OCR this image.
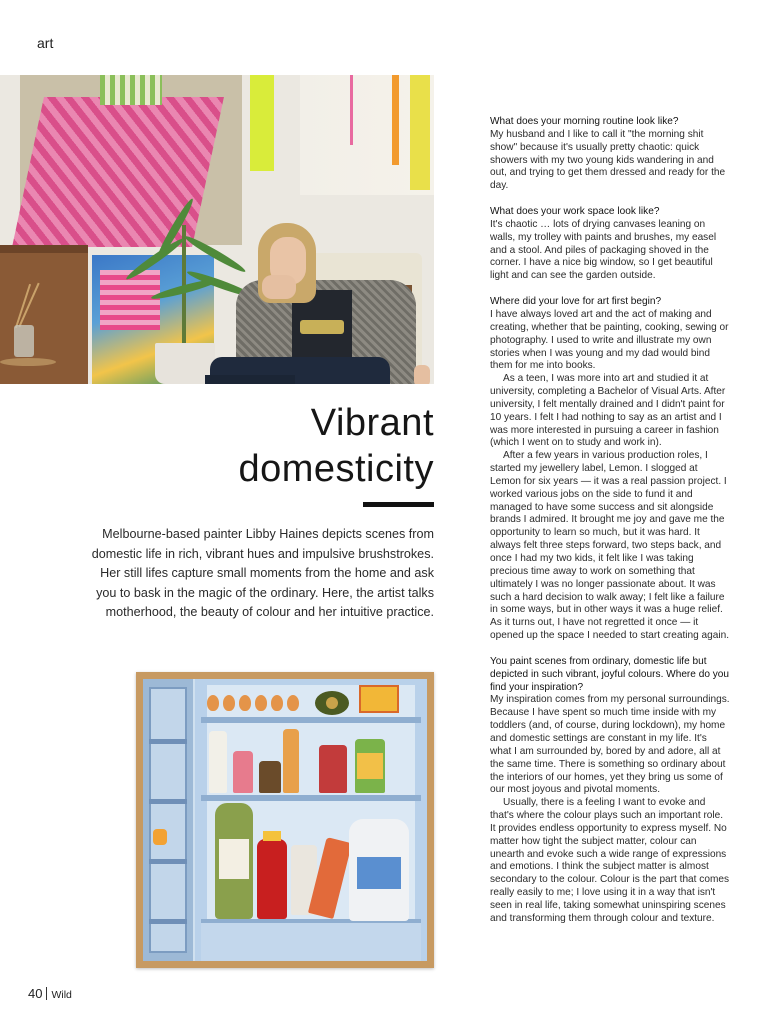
art
Vibrant
domesticity

Melbourne-based painter Libby Haines depicts scenes from domestic life in rich, vibrant hues and impulsive brushstrokes. Her still lifes capture small moments from the home and ask you to bask in the magic of the ordinary. Here, the artist talks motherhood, the beauty of colour and her intuitive practice.

What does your morning routine look like?

My husband and I like to call it "the morning shit show" because it's usually pretty chaotic: quick showers with my two young kids wandering in and out, and trying to get them dressed and ready for the day.

What does your work space look like?

It's chaotic … lots of drying canvases leaning on walls, my trolley with paints and brushes, my easel and a stool. And piles of packaging shoved in the corner. I have a nice big window, so I get beautiful light and can see the garden outside.

Where did your love for art first begin?

I have always loved art and the act of making and creating, whether that be painting, cooking, sewing or photography. I used to write and illustrate my own stories when I was young and my dad would bind them for me into books.

As a teen, I was more into art and studied it at university, completing a Bachelor of Visual Arts. After university, I felt mentally drained and I didn't paint for 10 years. I felt I had nothing to say as an artist and I was more interested in pursuing a career in fashion (which I went on to study and work in).

After a few years in various production roles, I started my jewellery label, Lemon. I slogged at Lemon for six years — it was a real passion project. I worked various jobs on the side to fund it and managed to have some success and sit alongside brands I admired. It brought me joy and gave me the opportunity to learn so much, but it was hard. It always felt three steps forward, two steps back, and once I had my two kids, it felt like I was taking precious time away to work on something that ultimately I was no longer passionate about. It was such a hard decision to walk away; I felt like a failure in some ways, but in other ways it was a huge relief. As it turns out, I have not regretted it once — it opened up the space I needed to start creating again.

You paint scenes from ordinary, domestic life but depicted in such vibrant, joyful colours. Where do you find your inspiration?

My inspiration comes from my personal surroundings. Because I have spent so much time inside with my toddlers (and, of course, during lockdown), my home and domestic settings are constant in my life. It's what I am surrounded by, bored by and adore, all at the same time. There is something so ordinary about the interiors of our homes, yet they bring us some of our most joyous and pivotal moments.

Usually, there is a feeling I want to evoke and that's where the colour plays such an important role. It provides endless opportunity to express myself. No matter how tight the subject matter, colour can unearth and evoke such a wide range of expressions and emotions. I think the subject matter is almost secondary to the colour. Colour is the part that comes really easily to me; I love using it in a way that isn't seen in real life, taking somewhat uninspiring scenes and transforming them through colour and texture.

40 Wild
